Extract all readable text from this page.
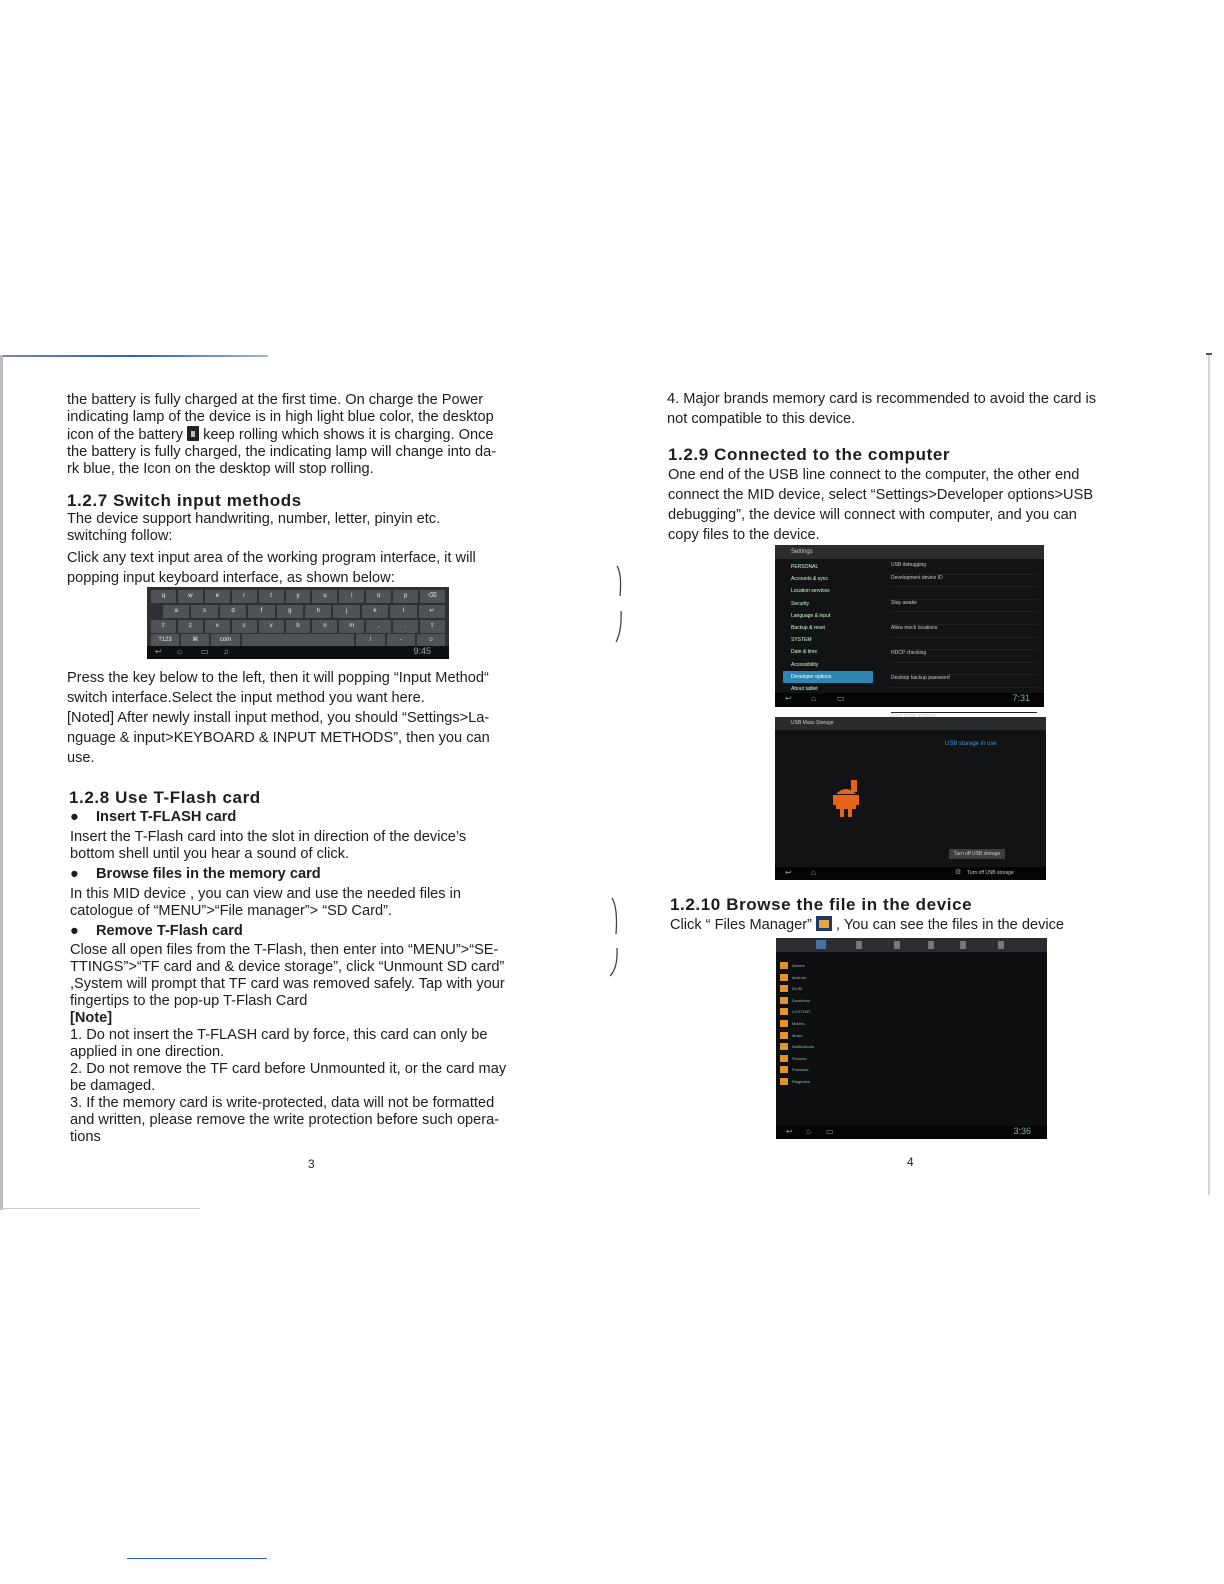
the battery is fully charged at the first time. On charge the Power

indicating lamp of the device is in high light blue color, the desktop

icon of the battery keep rolling which shows it is charging. Once

the battery is fully charged, the indicating lamp will change into da-

rk blue, the Icon on the desktop will stop rolling.

1.2.7 Switch input methods

The device support handwriting, number, letter, pinyin etc.

switching follow:

Click any text input area of the working program interface, it will

popping input keyboard interface, as shown below:

q	w	e	r	t	y	u	i	o	p	⌫
a	s	d	f	g	h	j	k	l	↵
⇧	z	x	c	v	b	n	m	,	.	⇧
?123	⌘	com	/	-	☺
↩ ⌂ ▭ ♫	9:45

Press the key below to the left, then it will popping “Input Method“

switch interface.Select the input method you want here.

[Noted] After newly install input method, you should “Settings>La-

nguage & input>KEYBOARD & INPUT METHODS”, then you can

use.

1.2.8 Use T-Flash card

● Insert T-FLASH card

Insert the T-Flash card into the slot in direction of the device’s

bottom shell until you hear a sound of click.

● Browse files in the memory card

In this MID device , you can view and use the needed files in

catologue of “MENU”>“File manager”> “SD Card”.

● Remove T-Flash card

Close all open files from the T-Flash, then enter into “MENU”>“SE-

TTINGS”>“TF card and & device storage”, click “Unmount SD card”

,System will prompt that TF card was removed safely. Tap with your

fingertips to the pop-up T-Flash Card

[Note]

1. Do not insert the T-FLASH card by force, this card can only be

applied in one direction.

2. Do not remove the TF card before Unmounted it, or the card may

be damaged.

3. If the memory card is write-protected, data will not be formatted

and written, please remove the write protection before such opera-

tions

3

4. Major brands memory card is recommended to avoid the card is

not compatible to this device.

1.2.9 Connected to the computer

One end of the USB line connect to the computer, the other end

connect the MID device, select “Settings>Developer options>USB

debugging”, the device will connect with computer, and you can

copy files to the device.

Settings
PERSONAL
Accounts & sync
Location services
Security
Language & input
Backup & reset
SYSTEM
Date & time
Accessibility
Developer options
About tablet
USB debugging
Development device ID
Stay awake
Allow mock locations
HDCP checking
Desktop backup password
↩ ⌂	▭	7:31
USB Mass Storage
USB storage in use
Turn off USB storage
↩ ⌂	⚙ Turn off USB storage
1.2.10 Browse the file in the device

Click “ Files Manager” , You can see the files in the device

Alarms
Android
DCIM
Download
LOST.DIR
Movies
Music
Notifications
Pictures
Podcasts
Ringtones
↩ ⌂ ▭	3:36
4
